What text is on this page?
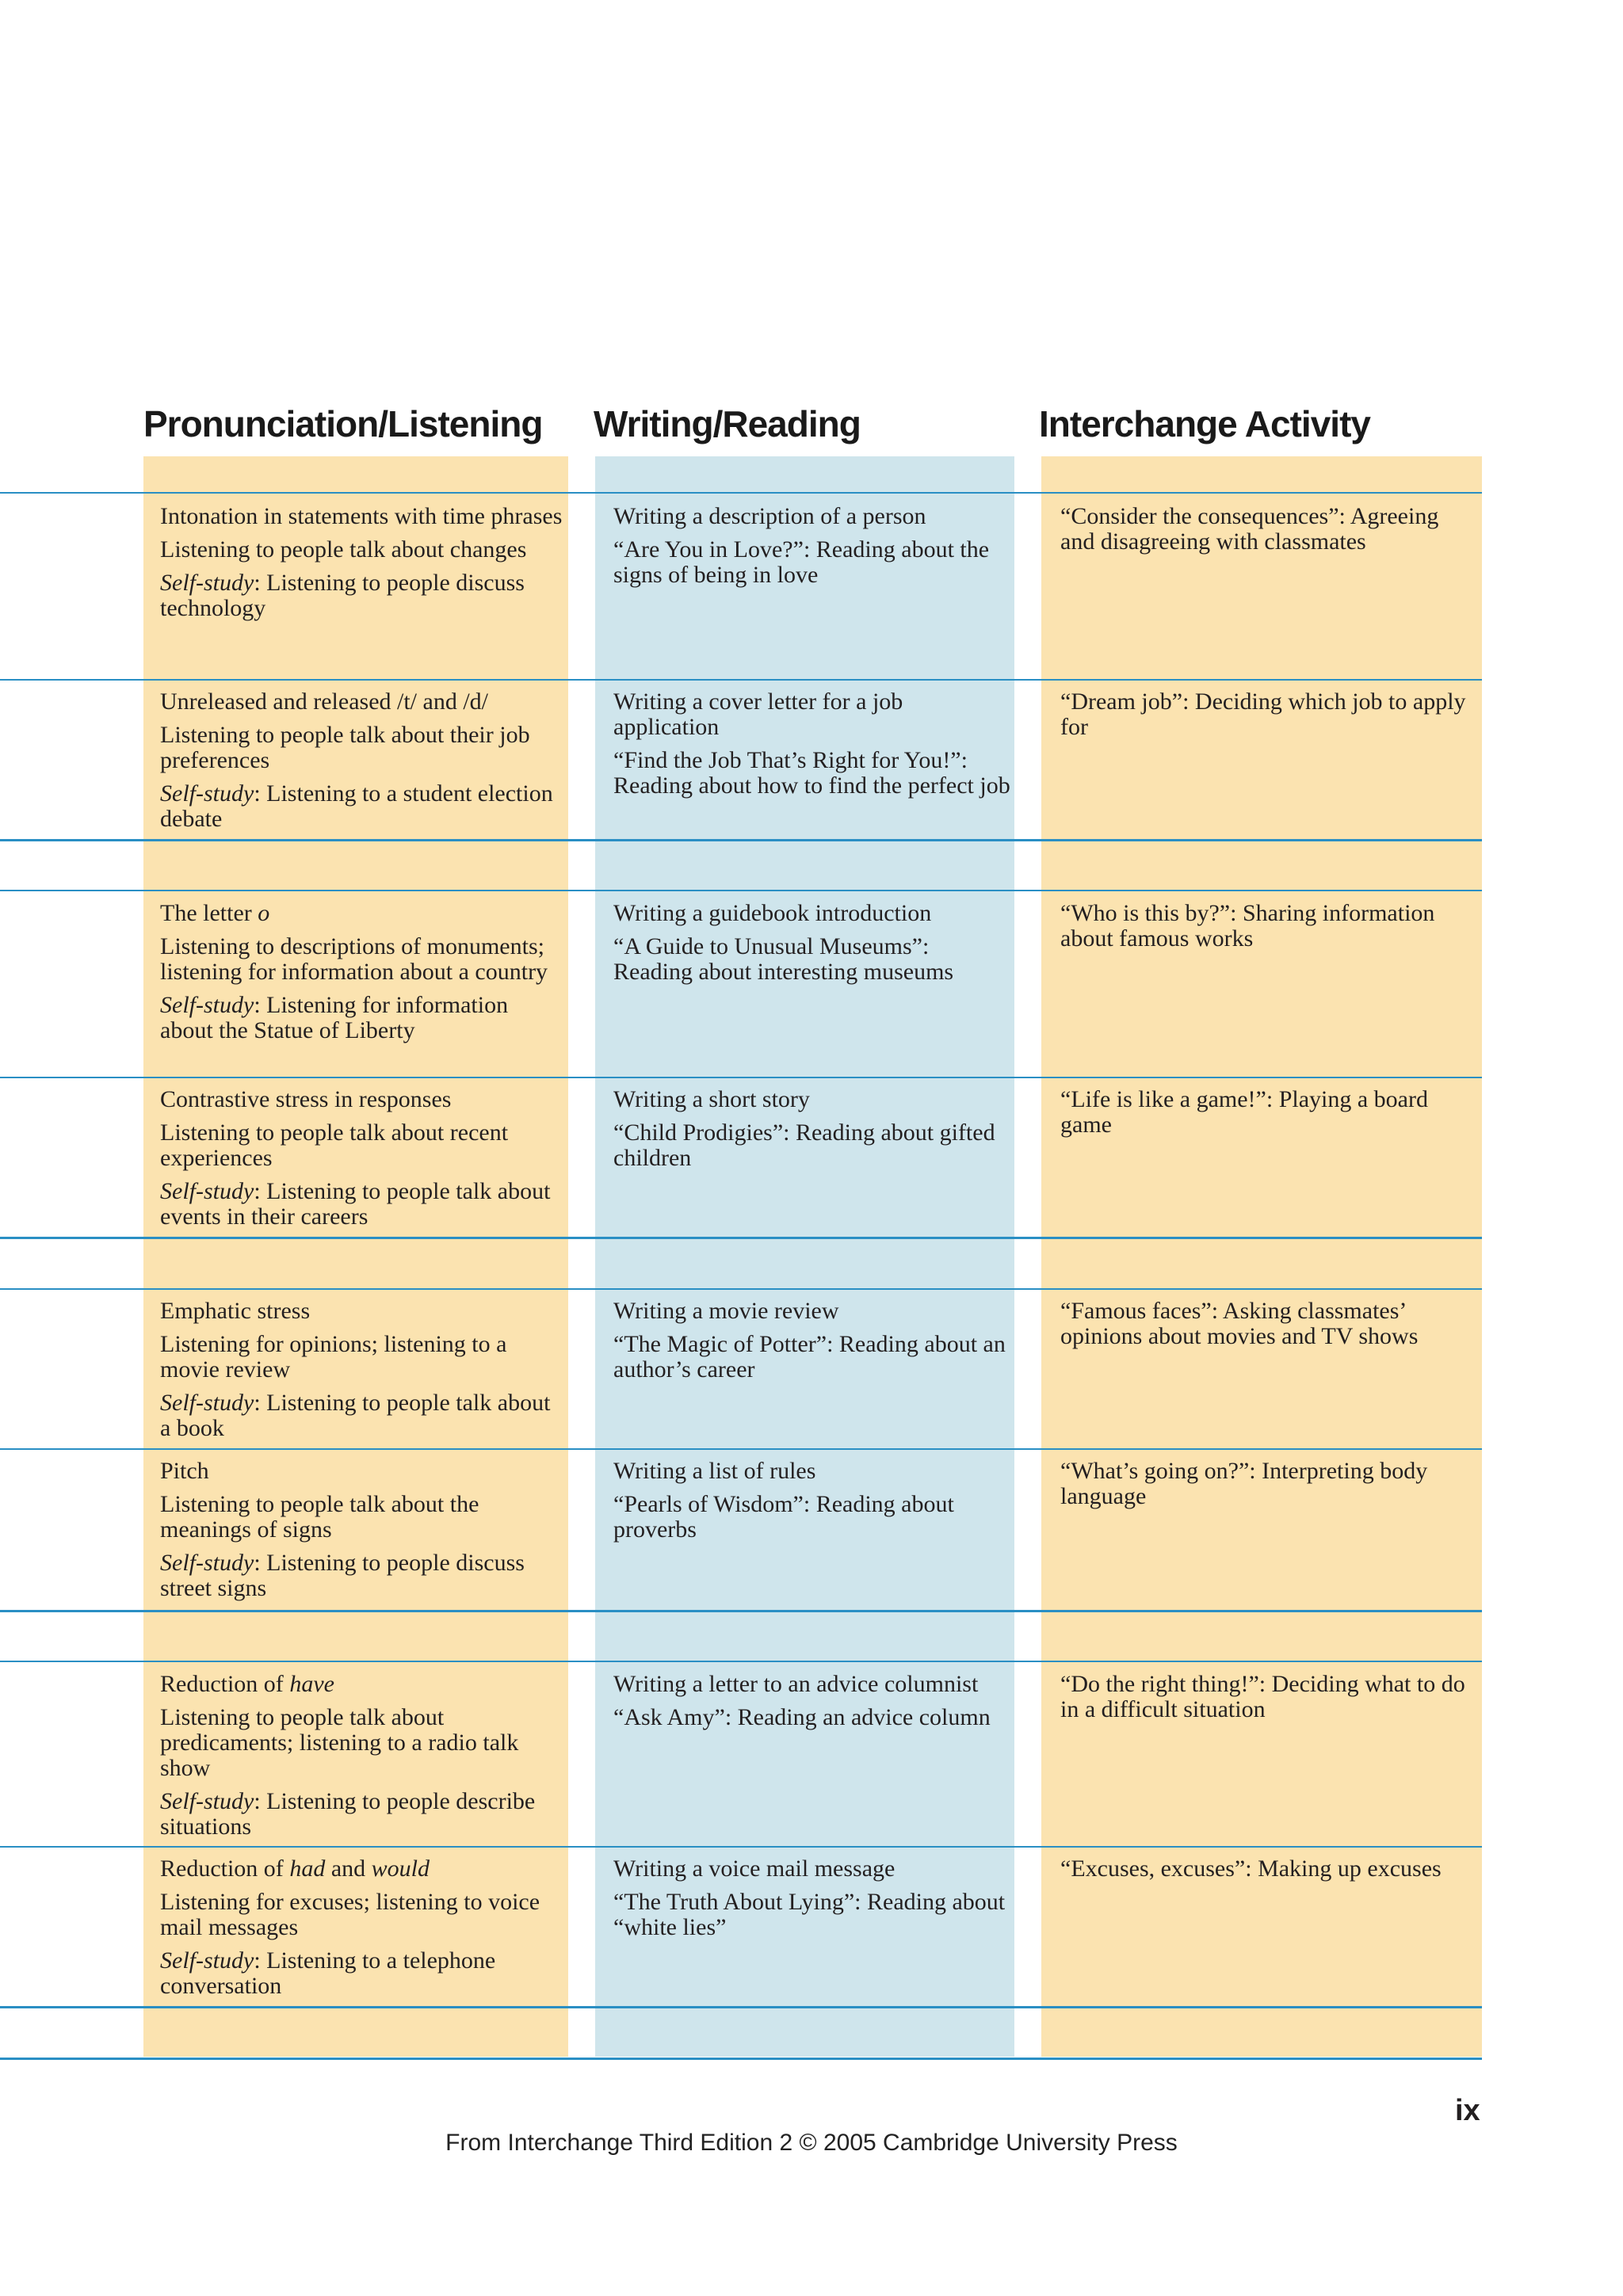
Pronunciation/Listening Writing/Reading	Interchange Activity

Intonation in statements with time phrases

Listening to people talk about changes

Self-study: Listening to people discuss technology

Writing a description of a person

“Are You in Love?”: Reading about the signs of being in love

“Consider the consequences”: Agreeing and disagreeing with classmates

Unreleased and released /t/ and /d/

Listening to people talk about their job preferences

Self-study: Listening to a student election debate

Writing a cover letter for a job application

“Find the Job That’s Right for You!”: Reading about how to find the perfect job

“Dream job”: Deciding which job to apply for

The letter o

Listening to descriptions of monuments; listening for information about a country

Self-study: Listening for information about the Statue of Liberty

Writing a guidebook introduction

“A Guide to Unusual Museums”: Reading about interesting museums

“Who is this by?”: Sharing information about famous works

Contrastive stress in responses

Listening to people talk about recent experiences

Self-study: Listening to people talk about events in their careers

Writing a short story

“Child Prodigies”: Reading about gifted children

“Life is like a game!”: Playing a board game

Emphatic stress

Listening for opinions; listening to a movie review

Self-study: Listening to people talk about a book

Writing a movie review

“The Magic of Potter”: Reading about an author’s career

“Famous faces”: Asking classmates’ opinions about movies and TV shows

Pitch

Listening to people talk about the meanings of signs

Self-study: Listening to people discuss street signs

Writing a list of rules

“Pearls of Wisdom”: Reading about proverbs

“What’s going on?”: Interpreting body language

Reduction of have

Listening to people talk about predicaments; listening to a radio talk show

Self-study: Listening to people describe situations

Writing a letter to an advice columnist

“Ask Amy”: Reading an advice column

“Do the right thing!”: Deciding what to do in a difficult situation

Reduction of had and would

Listening for excuses; listening to voice mail messages

Self-study: Listening to a telephone conversation

Writing a voice mail message

“The Truth About Lying”: Reading about “white lies”

“Excuses, excuses”: Making up excuses

ix
From Interchange Third Edition 2 © 2005 Cambridge University Press
